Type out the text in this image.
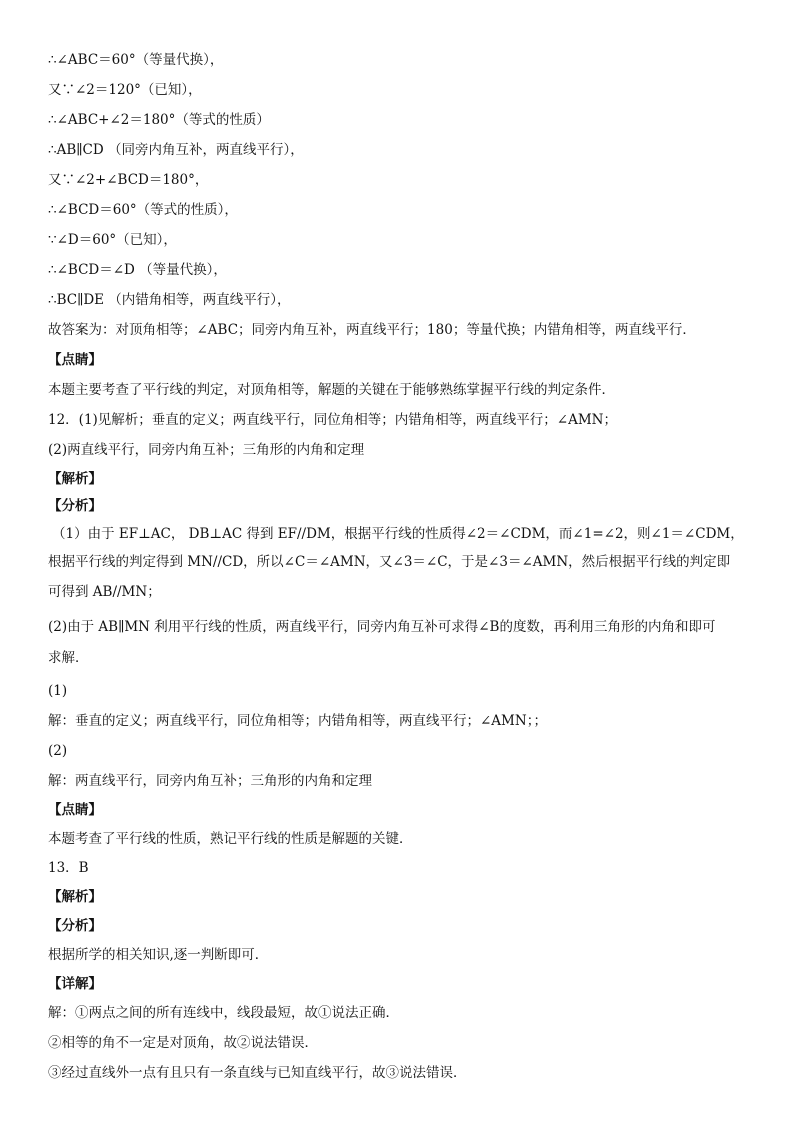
∴∠ABC＝60°（等量代换），
又∵∠2＝120°（已知），
∴∠ABC+∠2＝180°（等式的性质）
∴AB∥CD （同旁内角互补，两直线平行），
又∵∠2+∠BCD＝180°，
∴∠BCD＝60°（等式的性质），
∵∠D＝60°（已知），
∴∠BCD＝∠D （等量代换），
∴BC∥DE （内错角相等，两直线平行），
故答案为：对顶角相等；∠ABC；同旁内角互补，两直线平行；180；等量代换；内错角相等，两直线平行．
【点睛】
本题主要考查了平行线的判定，对顶角相等，解题的关键在于能够熟练掌握平行线的判定条件．
12．(1)见解析；垂直的定义；两直线平行，同位角相等；内错角相等，两直线平行；∠AMN；
(2)两直线平行，同旁内角互补；三角形的内角和定理
【解析】
【分析】
（1）由于 EF⊥AC， DB⊥AC 得到 EF//DM，根据平行线的性质得∠2＝∠CDM，而∠1=∠2，则∠1＝∠CDM，
根据平行线的判定得到 MN//CD，所以∠C＝∠AMN，又∠3＝∠C，于是∠3＝∠AMN，然后根据平行线的判定即
可得到 AB//MN；
(2)由于 AB∥MN 利用平行线的性质，两直线平行，同旁内角互补可求得∠B的度数，再利用三角形的内角和即可
求解．
(1)
解：垂直的定义；两直线平行，同位角相等；内错角相等，两直线平行；∠AMN；；
(2)
解：两直线平行，同旁内角互补；三角形的内角和定理
【点睛】
本题考查了平行线的性质，熟记平行线的性质是解题的关键．
13．B
【解析】
【分析】
根据所学的相关知识,逐一判断即可．
【详解】
解：①两点之间的所有连线中，线段最短，故①说法正确．
②相等的角不一定是对顶角，故②说法错误．
③经过直线外一点有且只有一条直线与已知直线平行，故③说法错误．
